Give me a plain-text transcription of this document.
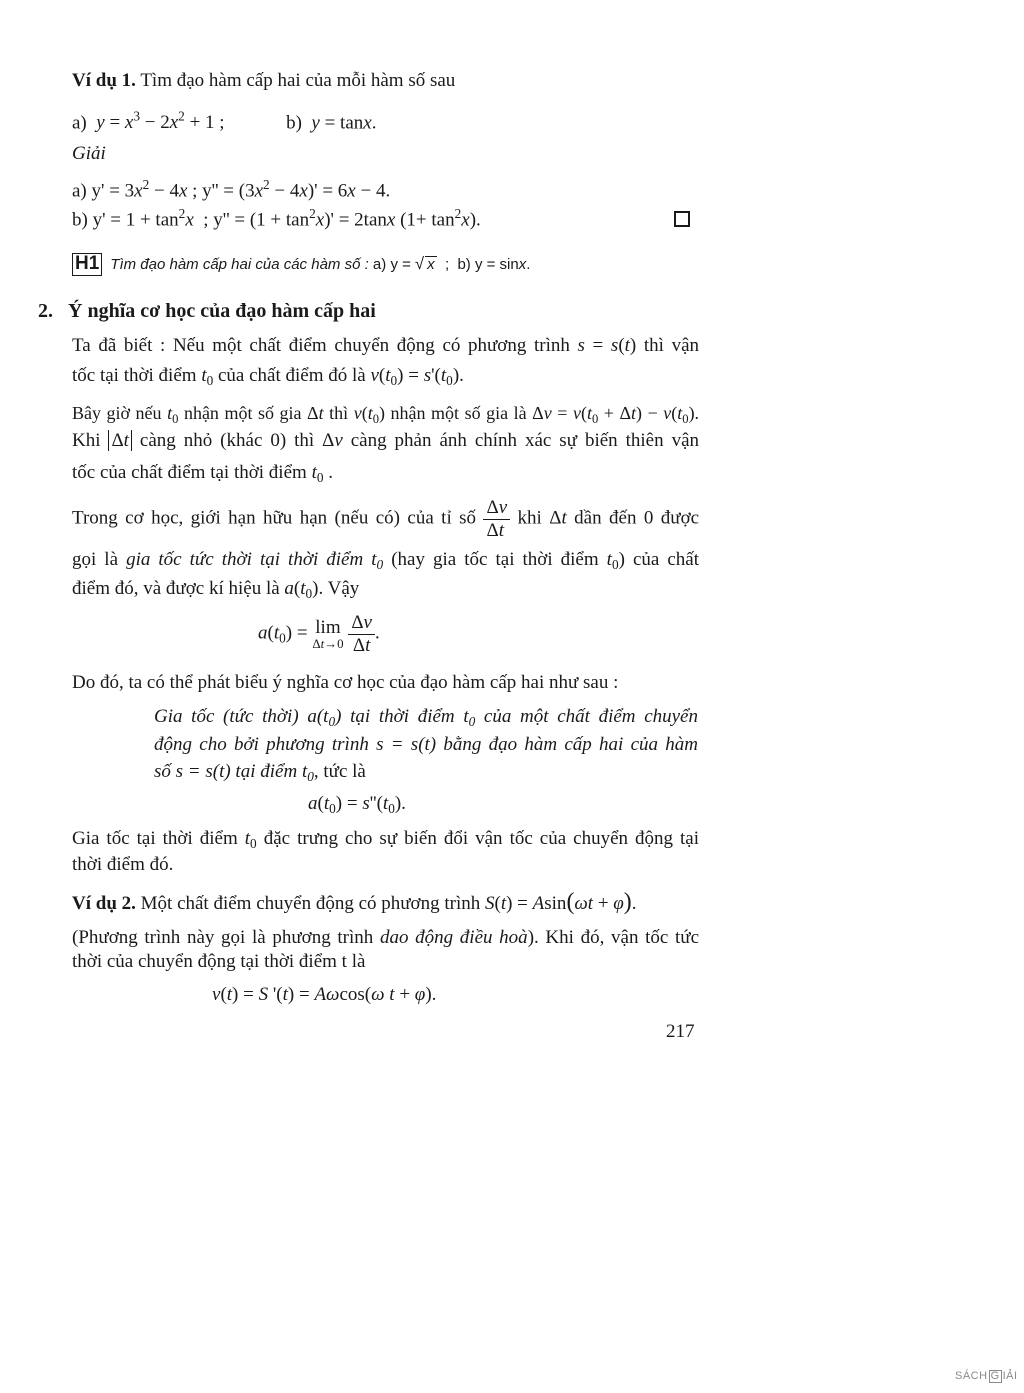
Ví dụ 1. Tìm đạo hàm cấp hai của mỗi hàm số sau
a) $y = x^3 - 2x^2 + 1$ ;	b) y = tanx.
Giải
a) $y' = 3x^2 - 4x$ ; $y'' = (3x^2 - 4x)' = 6x - 4$.
b) $y' = 1 + \tan^2x$  ; $y'' = (1 + \tan^2x)' = 2\tan x$ $(1+ \tan^2x)$.
H1 Tìm đạo hàm cấp hai của các hàm số : a) y = √ x  ;  b) y = sinx.
2. Ý nghĩa cơ học của đạo hàm cấp hai
Ta đã biết : Nếu một chất điểm chuyển động có phương trình s = s(t) thì vận
tốc tại thời điểm $t_0$ của chất điểm đó là $v(t_0) = s'(t_0)$.
Bây giờ nếu $t_0$ nhận một số gia Δt thì $v(t_0)$ nhận một số gia là $\Delta v = v(t_0 + \Delta t) - v(t_0)$.
Khi Δt càng nhỏ (khác 0) thì Δv càng phản ánh chính xác sự biến thiên vận
tốc của chất điểm tại thời điểm $t_0$ .
Trong cơ học, giới hạn hữu hạn (nếu có) của tỉ số $\frac{\Delta v}{\Delta t}$ khi Δt dần đến 0 được
gọi là gia tốc tức thời tại thời điểm $t_0$ (hay gia tốc tại thời điểm $t_0$) của chất
điểm đó, và được kí hiệu là $a(t_0)$. Vậy
$a(t_0) = \lim$
Δt→0
$\frac{\Delta v}{\Delta t}$ .
Do đó, ta có thể phát biểu ý nghĩa cơ học của đạo hàm cấp hai như sau :
Gia tốc (tức thời) $a(t_0)$ tại thời điểm $t_0$ của một chất điểm chuyển
động cho bởi phương trình s = s(t) bằng đạo hàm cấp hai của hàm
số s = s(t) tại điểm $t_0$, tức là
$a(t_0) = s''(t_0)$.
Gia tốc tại thời điểm $t_0$ đặc trưng cho sự biến đổi vận tốc của chuyển động tại
thời điểm đó.
Ví dụ 2. Một chất điểm chuyển động có phương trình S(t) = Asin(ωt + φ).
(Phương trình này gọi là phương trình dao động điều hoà). Khi đó, vận tốc tức
thời của chuyển động tại thời điểm t là
v(t) = S '(t) = Aωcos(ω t + φ).
217
SÁCH G IẢI
